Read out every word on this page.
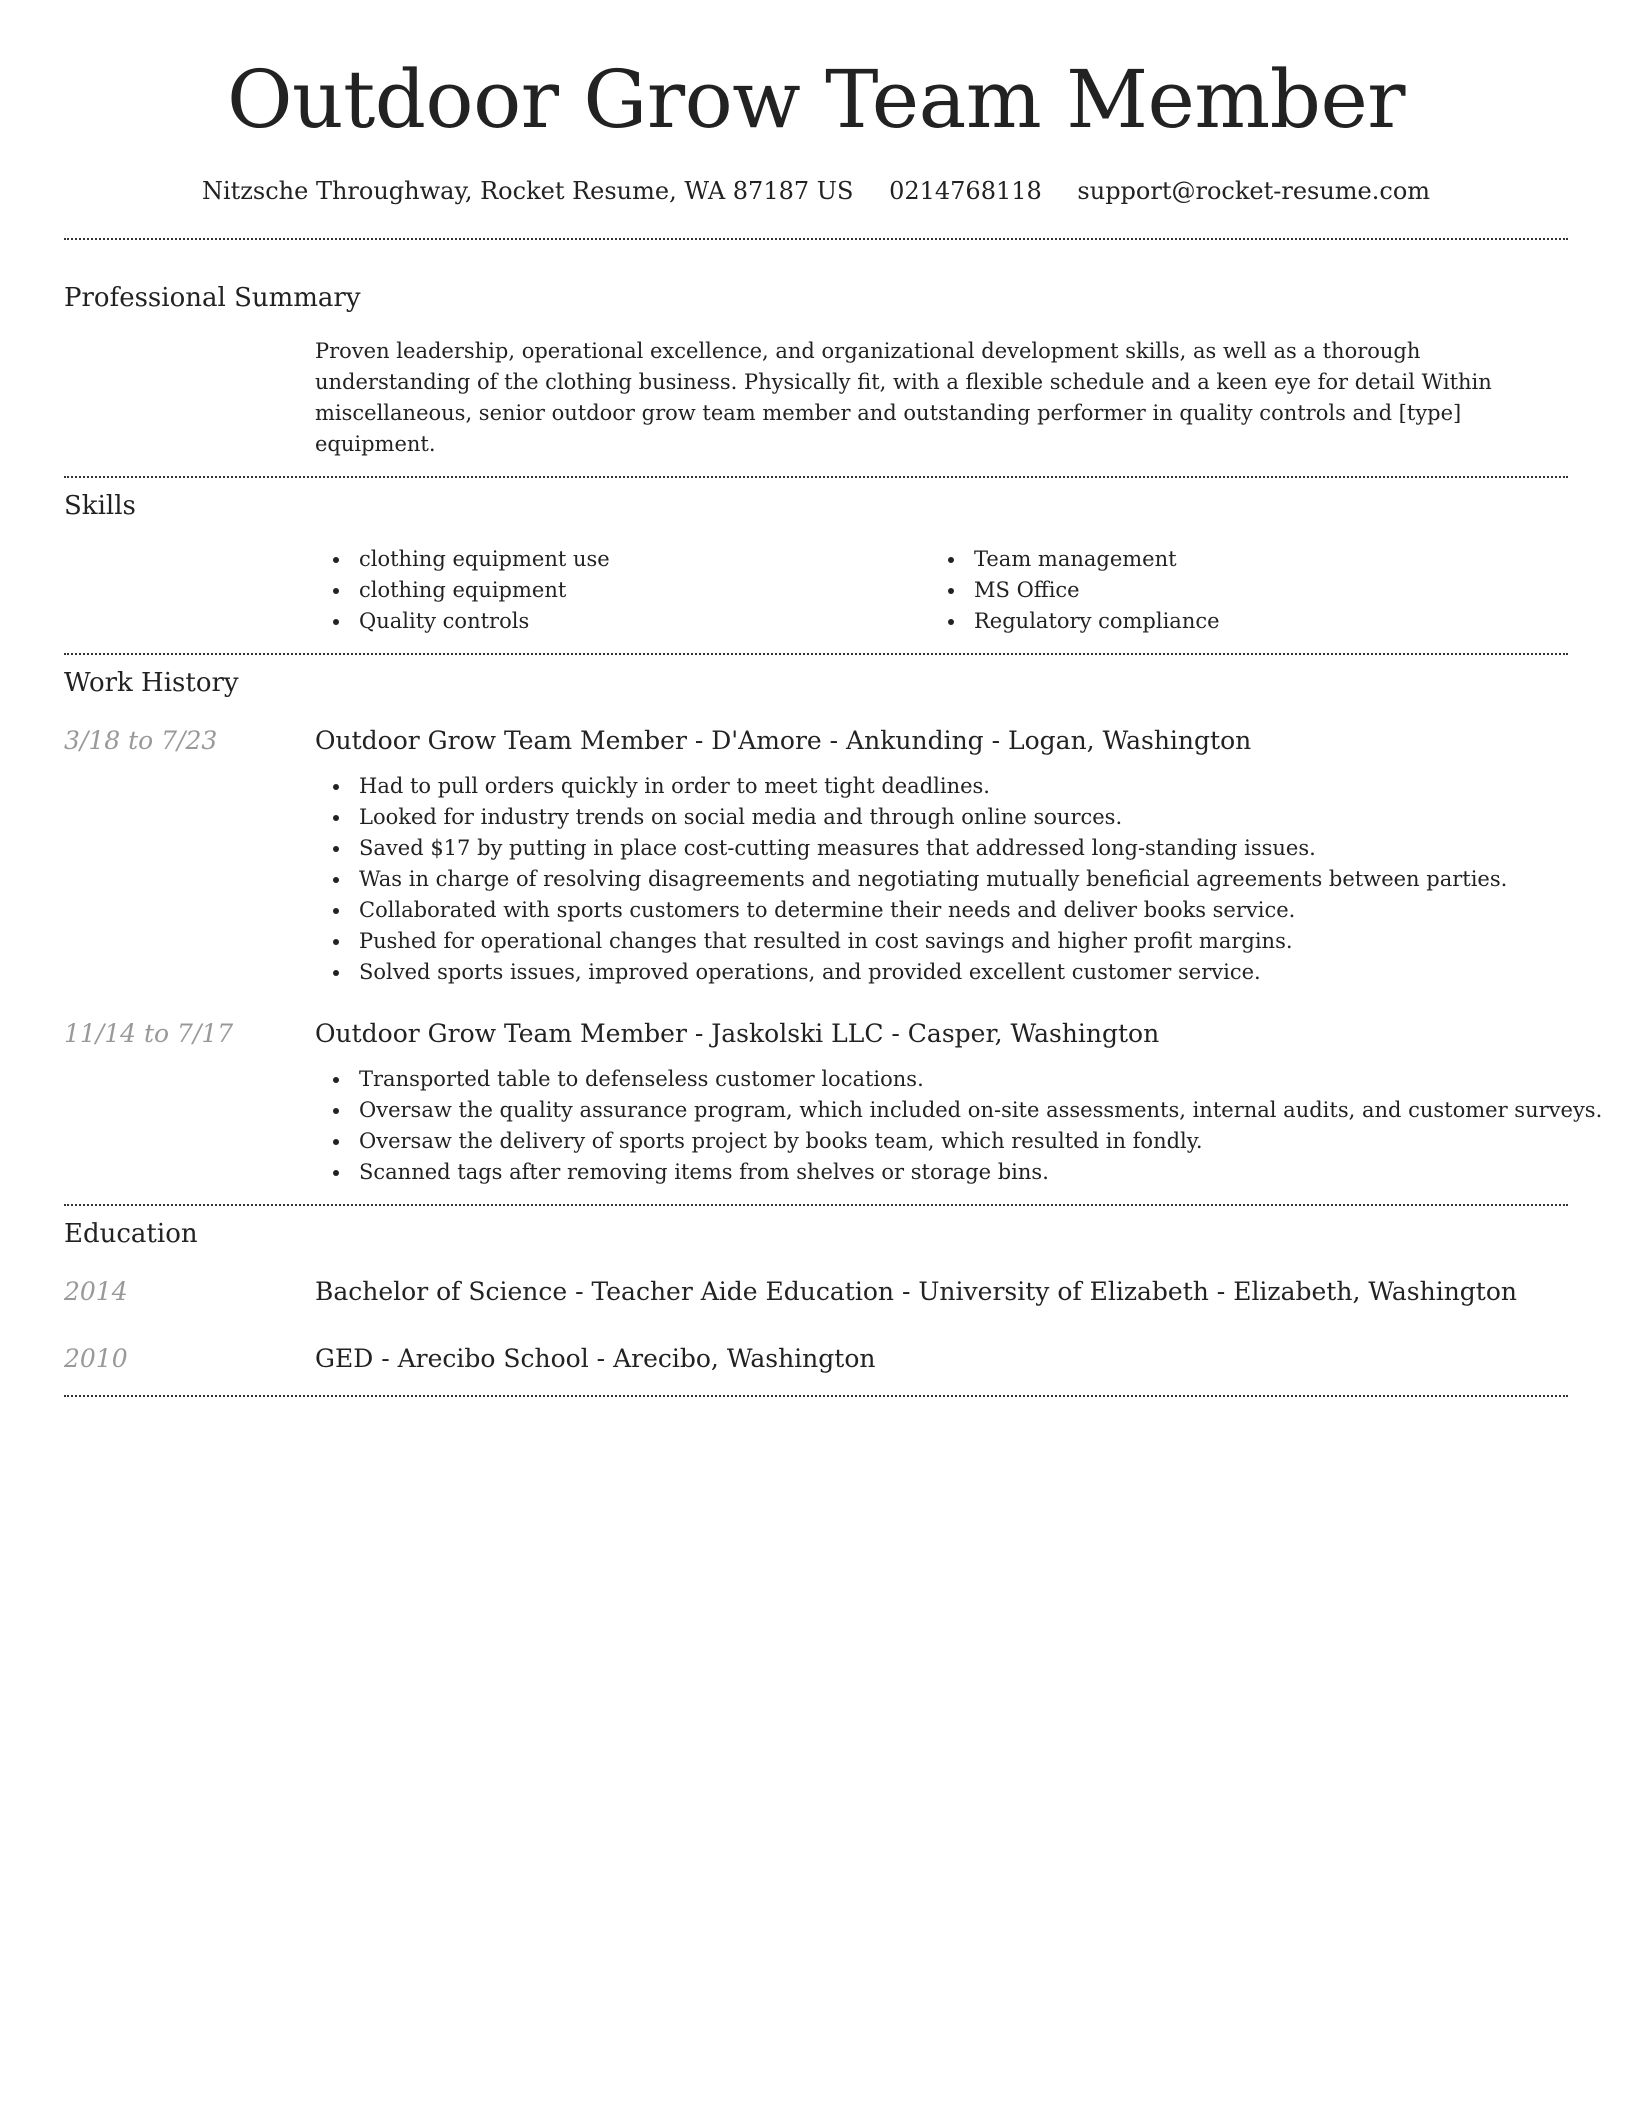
Outdoor Grow Team Member
Nitzsche Throughway, Rocket Resume, WA 87187 US 0214768118 support@rocket-resume.com
Professional Summary

Proven leadership, operational excellence, and organizational development skills, as well as a thorough understanding of the clothing business. Physically fit, with a flexible schedule and a keen eye for detail Within miscellaneous, senior outdoor grow team member and outstanding performer in quality controls and [type] equipment.

Skills
clothing equipment use
clothing equipment
Quality controls
Team management
MS Office
Regulatory compliance
Work History
3/18 to 7/23	Outdoor Grow Team Member - D'Amore - Ankunding - Logan, Washington
Had to pull orders quickly in order to meet tight deadlines.
Looked for industry trends on social media and through online sources.
Saved $17 by putting in place cost-cutting measures that addressed long-standing issues.
Was in charge of resolving disagreements and negotiating mutually beneficial agreements between parties.
Collaborated with sports customers to determine their needs and deliver books service.
Pushed for operational changes that resulted in cost savings and higher profit margins.
Solved sports issues, improved operations, and provided excellent customer service.
11/14 to 7/17	Outdoor Grow Team Member - Jaskolski LLC - Casper, Washington
Transported table to defenseless customer locations.
Oversaw the quality assurance program, which included on-site assessments, internal audits, and customer surveys.
Oversaw the delivery of sports project by books team, which resulted in fondly.
Scanned tags after removing items from shelves or storage bins.
Education
2014	Bachelor of Science - Teacher Aide Education - University of Elizabeth - Elizabeth, Washington
2010	GED - Arecibo School - Arecibo, Washington
